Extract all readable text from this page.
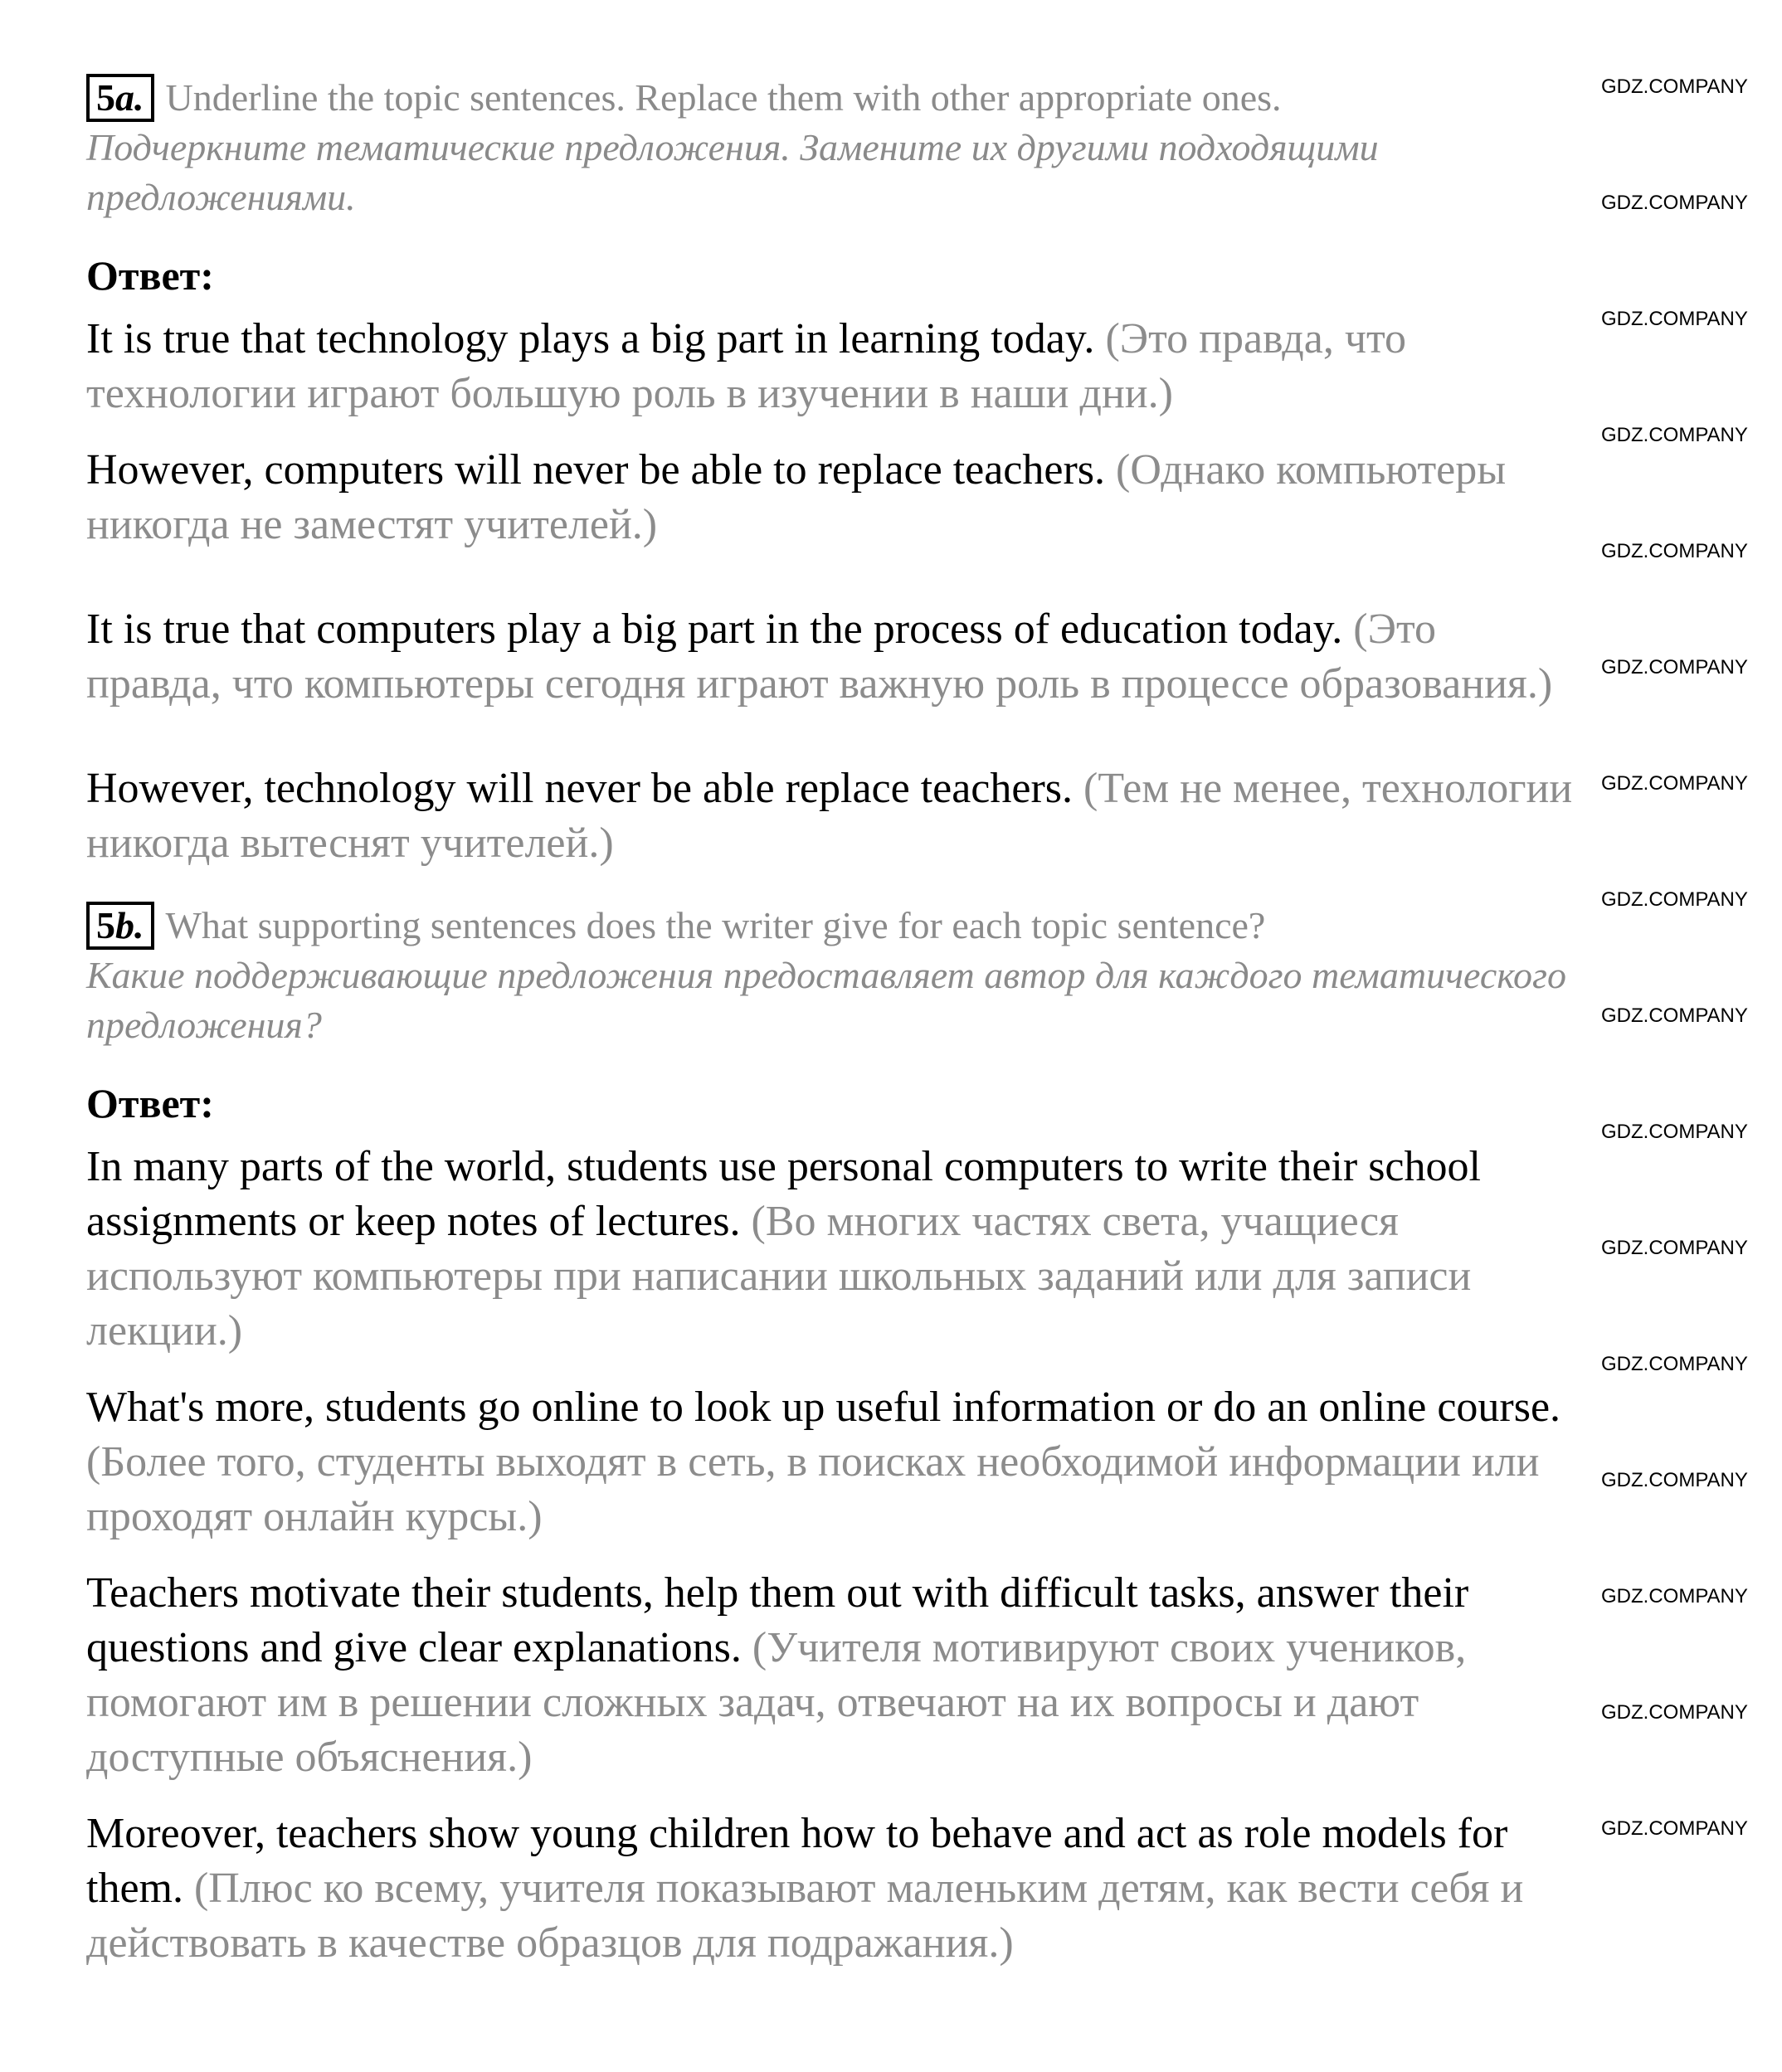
5a. Underline the topic sentences. Replace them with other appropriate ones.
Подчеркните тематические предложения. Замените их другими подходящими предложениями.
Ответ:
It is true that technology plays a big part in learning today. (Это правда, что технологии играют большую роль в изучении в наши дни.)
However, computers will never be able to replace teachers. (Однако компьютеры никогда не заместят учителей.)
It is true that computers play a big part in the process of education today. (Это правда, что компьютеры сегодня играют важную роль в процессе образования.)
However, technology will never be able replace teachers. (Тем не менее, технологии никогда вытеснят учителей.)
5b. What supporting sentences does the writer give for each topic sentence?
Какие поддерживающие предложения предоставляет автор для каждого тематического предложения?
Ответ:
In many parts of the world, students use personal computers to write their school assignments or keep notes of lectures. (Во многих частях света, учащиеся используют компьютеры при написании школьных заданий или для записи лекции.)
What's more, students go online to look up useful information or do an online course. (Более того, студенты выходят в сеть, в поисках необходимой информации или проходят онлайн курсы.)
Teachers motivate their students, help them out with difficult tasks, answer their questions and give clear explanations. (Учителя мотивируют своих учеников, помогают им в решении сложных задач, отвечают на их вопросы и дают доступные объяснения.)
Moreover, teachers show young children how to behave and act as role models for them. (Плюс ко всему, учителя показывают маленьким детям, как вести себя и действовать в качестве образцов для подражания.)
GDZ.COMPANY
GDZ.COMPANY
GDZ.COMPANY
GDZ.COMPANY
GDZ.COMPANY
GDZ.COMPANY
GDZ.COMPANY
GDZ.COMPANY
GDZ.COMPANY
GDZ.COMPANY
GDZ.COMPANY
GDZ.COMPANY
GDZ.COMPANY
GDZ.COMPANY
GDZ.COMPANY
GDZ.COMPANY
